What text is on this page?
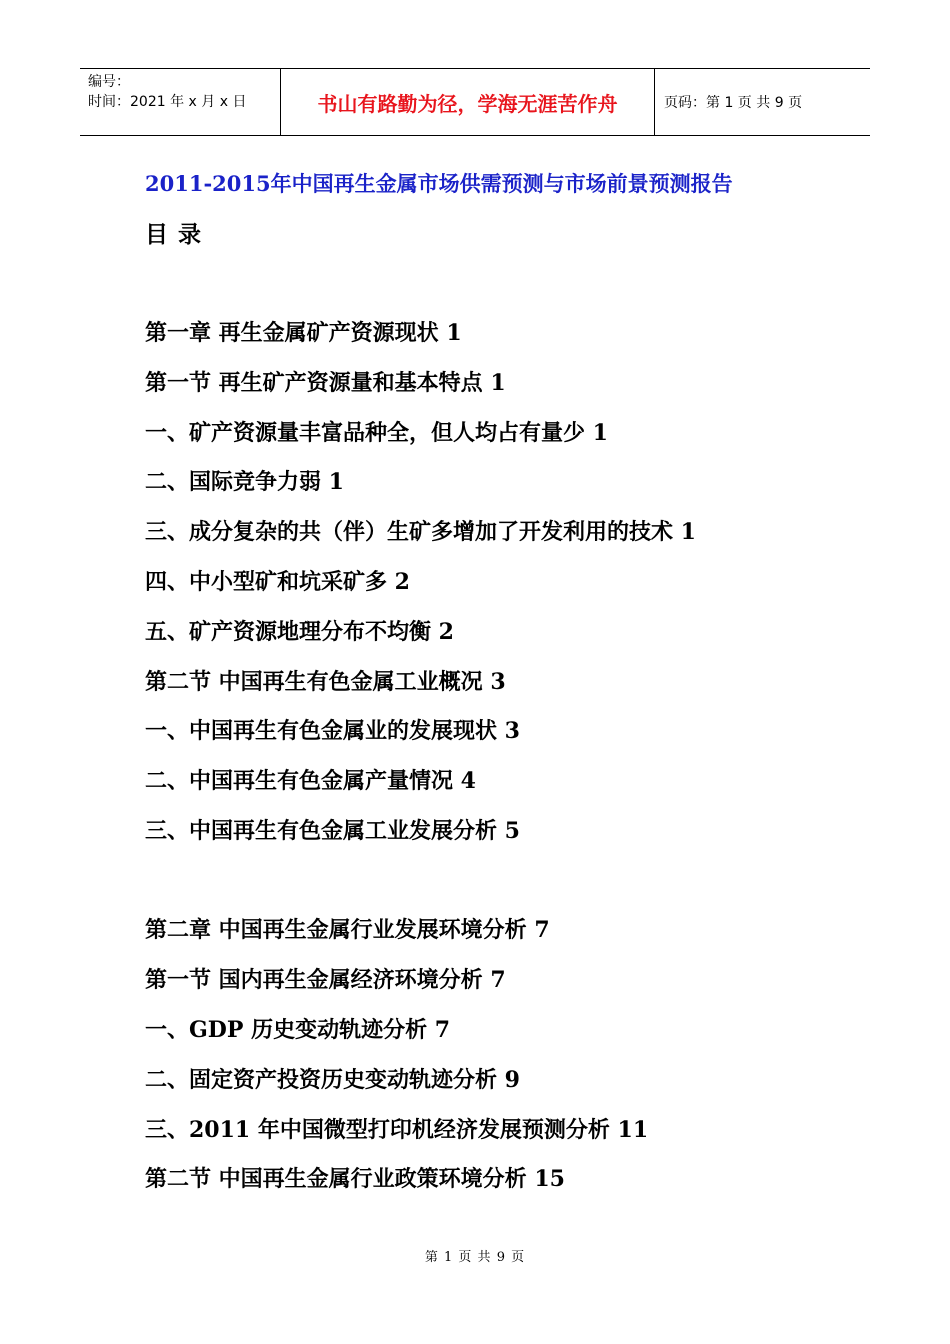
编号：
时间：2021 年 x 月 x 日	书山有路勤为径，学海无涯苦作舟	页码：第 1 页 共 9 页
2011-2015年中国再生金属市场供需预测与市场前景预测报告
目录
第一章 再生金属矿产资源现状 1
第一节 再生矿产资源量和基本特点 1
一、矿产资源量丰富品种全，但人均占有量少 1
二、国际竞争力弱 1
三、成分复杂的共（伴）生矿多增加了开发利用的技术 1
四、中小型矿和坑采矿多 2
五、矿产资源地理分布不均衡 2
第二节 中国再生有色金属工业概况 3
一、中国再生有色金属业的发展现状 3
二、中国再生有色金属产量情况 4
三、中国再生有色金属工业发展分析 5
第二章 中国再生金属行业发展环境分析 7
第一节 国内再生金属经济环境分析 7
一、GDP 历史变动轨迹分析 7
二、固定资产投资历史变动轨迹分析 9
三、2011 年中国微型打印机经济发展预测分析 11
第二节 中国再生金属行业政策环境分析 15
第 1 页 共 9 页
